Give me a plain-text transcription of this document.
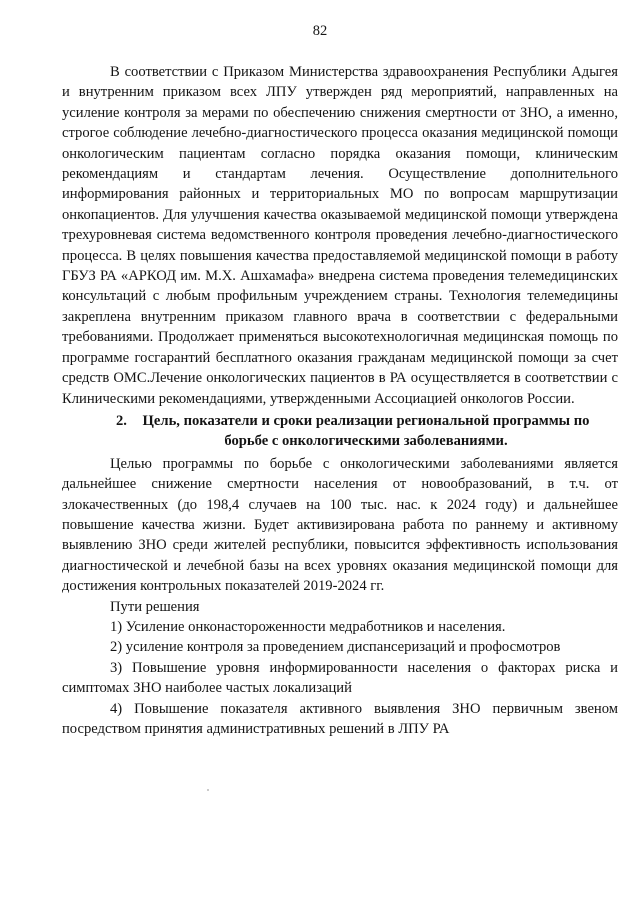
82

В соответствии с Приказом Министерства здравоохранения Республики Адыгея и внутренним приказом всех ЛПУ утвержден ряд мероприятий, направленных на усиление контроля за мерами по обеспечению снижения смертности от ЗНО, а именно, строгое соблюдение лечебно-диагностического процесса оказания медицинской помощи онкологическим пациентам согласно порядка оказания помощи, клиническим рекомендациям и стандартам лечения. Осуществление дополнительного информирования районных и территориальных МО по вопросам маршрутизации онкопациентов. Для улучшения качества оказываемой медицинской помощи утверждена трехуровневая система ведомственного контроля проведения лечебно-диагностического процесса. В целях повышения качества предоставляемой медицинской помощи в работу ГБУЗ РА «АРКОД им. М.Х. Ашхамафа» внедрена система проведения телемедицинских консультаций с любым профильным учреждением страны. Технология телемедицины закреплена внутренним приказом главного врача в соответствии с федеральными требованиями. Продолжает применяться высокотехнологичная медицинская помощь по программе госгарантий бесплатного оказания гражданам медицинской помощи за счет средств ОМС.Лечение онкологических пациентов в РА осуществляется в соответствии с Клиническими рекомендациями, утвержденными Ассоциацией онкологов России.

2.	Цель, показатели и сроки реализации региональной программы по
борьбе с онкологическими заболеваниями.

Целью программы по борьбе с онкологическими заболеваниями является дальнейшее снижение смертности населения от новообразований, в т.ч. от злокачественных (до 198,4 случаев на 100 тыс. нас. к 2024 году) и дальнейшее повышение качества жизни. Будет активизирована работа по раннему и активному выявлению ЗНО среди жителей республики, повысится эффективность использования диагностической и лечебной базы на всех уровнях оказания медицинской помощи для достижения контрольных показателей 2019-2024 гг.

Пути решения

1) Усиление онконастороженности медработников и населения.

2) усиление контроля за проведением диспансеризаций и профосмотров

3) Повышение уровня информированности населения о факторах риска и симптомах ЗНО наиболее частых локализаций

4) Повышение показателя активного выявления ЗНО первичным звеном посредством принятия административных решений в ЛПУ РА
